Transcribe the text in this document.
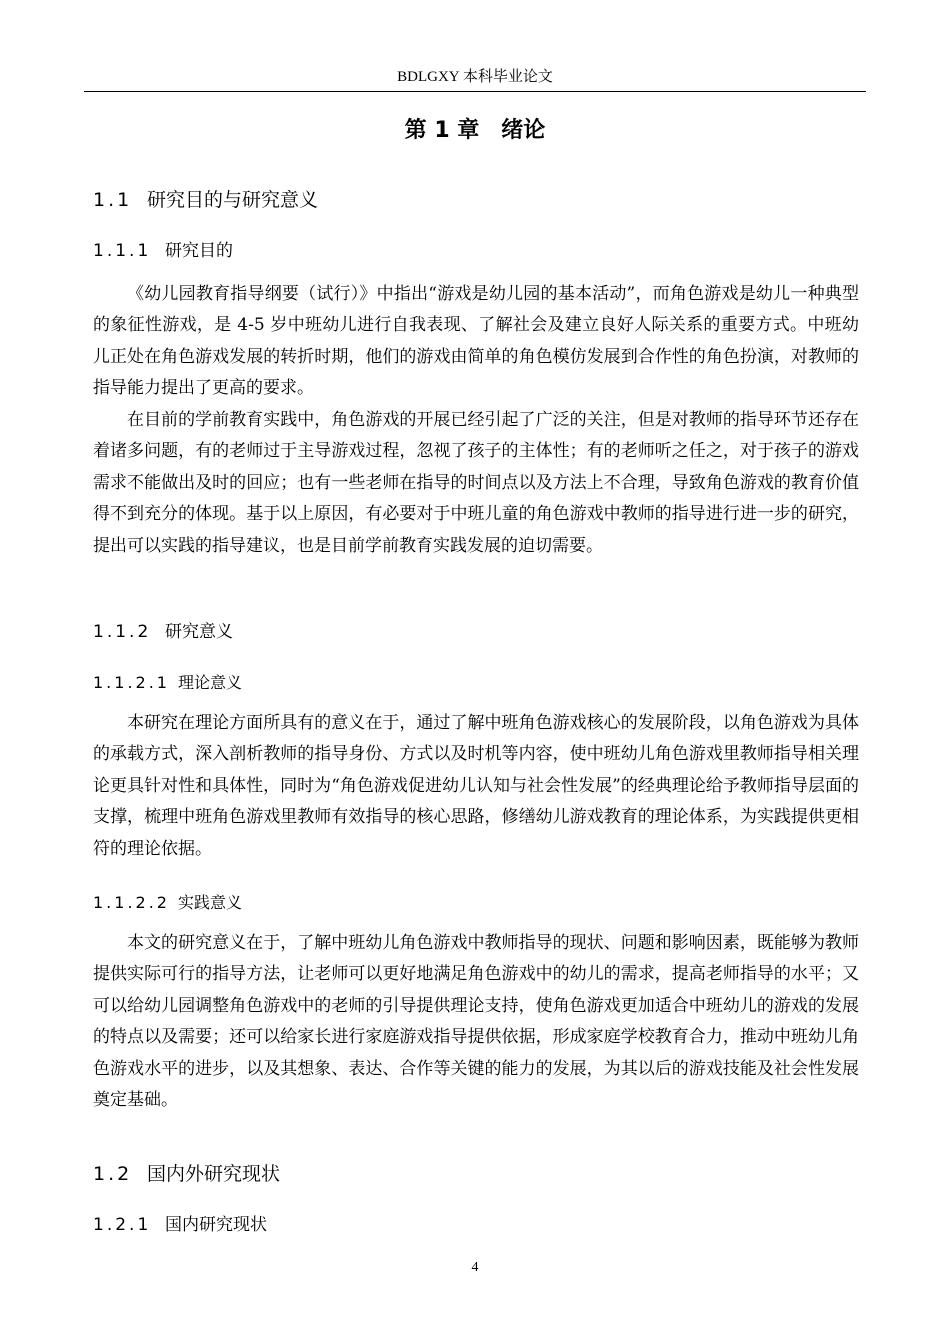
BDLGXY 本科毕业论文
第 1 章　绪论
1.1 研究目的与研究意义
1.1.1 研究目的
《幼儿园教育指导纲要（试行）》中指出“游戏是幼儿园的基本活动”，而角色游戏是幼儿一种典型的象征性游戏，是 4-5 岁中班幼儿进行自我表现、了解社会及建立良好人际关系的重要方式。中班幼儿正处在角色游戏发展的转折时期，他们的游戏由简单的角色模仿发展到合作性的角色扮演，对教师的指导能力提出了更高的要求。
在目前的学前教育实践中，角色游戏的开展已经引起了广泛的关注，但是对教师的指导环节还存在着诸多问题，有的老师过于主导游戏过程，忽视了孩子的主体性；有的老师听之任之，对于孩子的游戏需求不能做出及时的回应；也有一些老师在指导的时间点以及方法上不合理，导致角色游戏的教育价值得不到充分的体现。基于以上原因，有必要对于中班儿童的角色游戏中教师的指导进行进一步的研究，提出可以实践的指导建议，也是目前学前教育实践发展的迫切需要。
1.1.2 研究意义
1.1.2.1 理论意义
本研究在理论方面所具有的意义在于，通过了解中班角色游戏核心的发展阶段，以角色游戏为具体的承载方式，深入剖析教师的指导身份、方式以及时机等内容，使中班幼儿角色游戏里教师指导相关理论更具针对性和具体性，同时为“角色游戏促进幼儿认知与社会性发展”的经典理论给予教师指导层面的支撑，梳理中班角色游戏里教师有效指导的核心思路，修缮幼儿游戏教育的理论体系，为实践提供更相符的理论依据。
1.1.2.2 实践意义
本文的研究意义在于，了解中班幼儿角色游戏中教师指导的现状、问题和影响因素，既能够为教师提供实际可行的指导方法，让老师可以更好地满足角色游戏中的幼儿的需求，提高老师指导的水平；又可以给幼儿园调整角色游戏中的老师的引导提供理论支持，使角色游戏更加适合中班幼儿的游戏的发展的特点以及需要；还可以给家长进行家庭游戏指导提供依据，形成家庭学校教育合力，推动中班幼儿角色游戏水平的进步，以及其想象、表达、合作等关键的能力的发展，为其以后的游戏技能及社会性发展奠定基础。
1.2 国内外研究现状
1.2.1 国内研究现状
4
